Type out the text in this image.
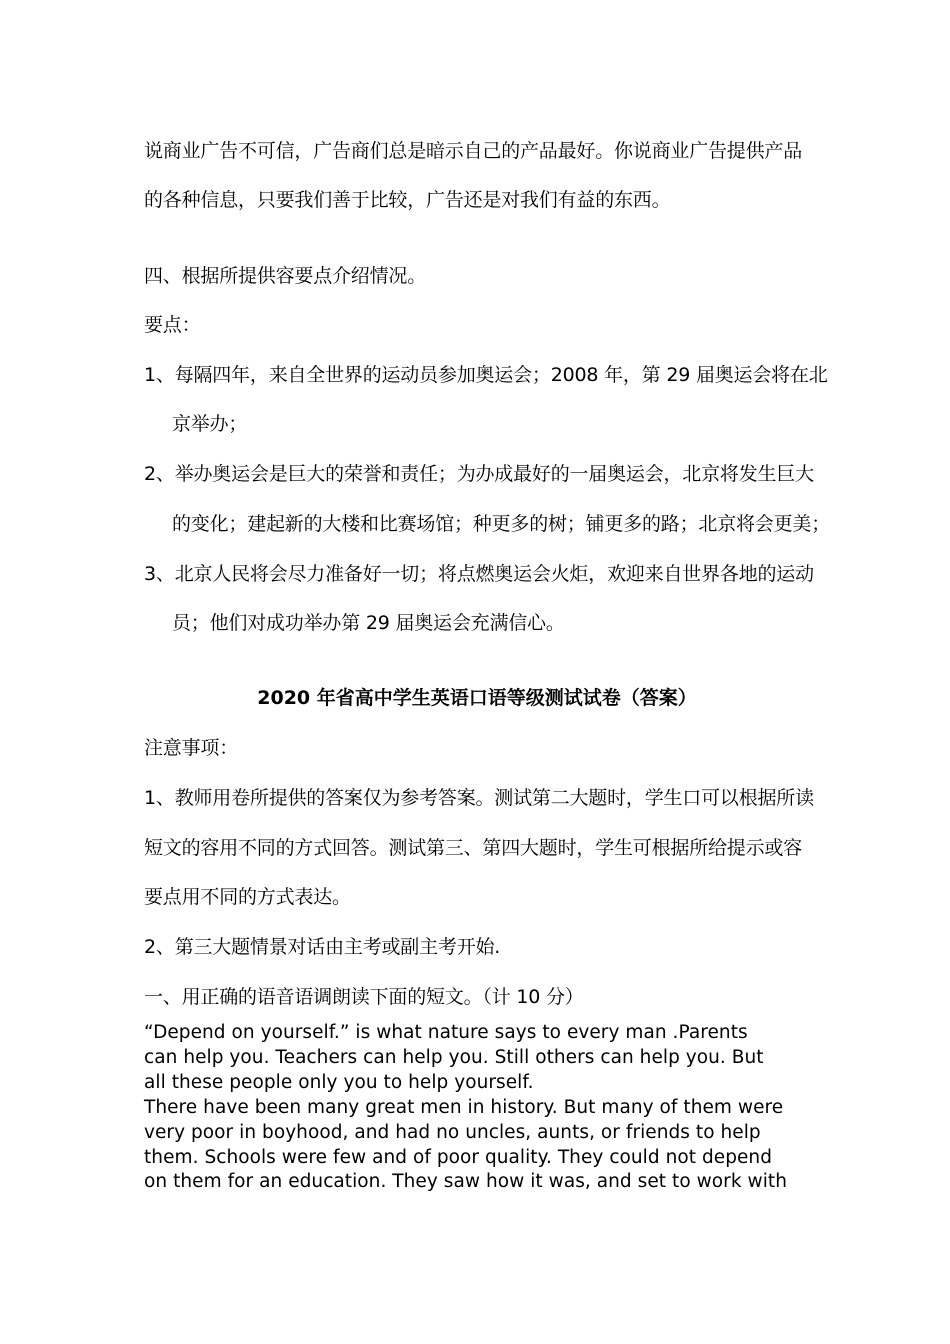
说商业广告不可信，广告商们总是暗示自己的产品最好。你说商业广告提供产品
的各种信息，只要我们善于比较，广告还是对我们有益的东西。
四、根据所提供容要点介绍情况。
要点：
1、每隔四年，来自全世界的运动员参加奥运会；2008 年，第 29 届奥运会将在北
京举办；
2、举办奥运会是巨大的荣誉和责任；为办成最好的一届奥运会，北京将发生巨大
的变化；建起新的大楼和比赛场馆；种更多的树；铺更多的路；北京将会更美；
3、北京人民将会尽力准备好一切；将点燃奥运会火炬，欢迎来自世界各地的运动
员；他们对成功举办第 29 届奥运会充满信心。
2020 年省高中学生英语口语等级测试试卷（答案）
注意事项：
1、教师用卷所提供的答案仅为参考答案。测试第二大题时，学生口可以根据所读
短文的容用不同的方式回答。测试第三、第四大题时，学生可根据所给提示或容
要点用不同的方式表达。
2、第三大题情景对话由主考或副主考开始.
一、用正确的语音语调朗读下面的短文。（计 10 分）
“Depend on yourself.” is what nature says to every man .Parents
can help you. Teachers can help you. Still others can help you. But
all these people only you to help yourself.
There have been many great men in history. But many of them were
very poor in boyhood, and had no uncles, aunts, or friends to help
them. Schools were few and of poor quality. They could not depend
on them for an education. They saw how it was, and set to work with
